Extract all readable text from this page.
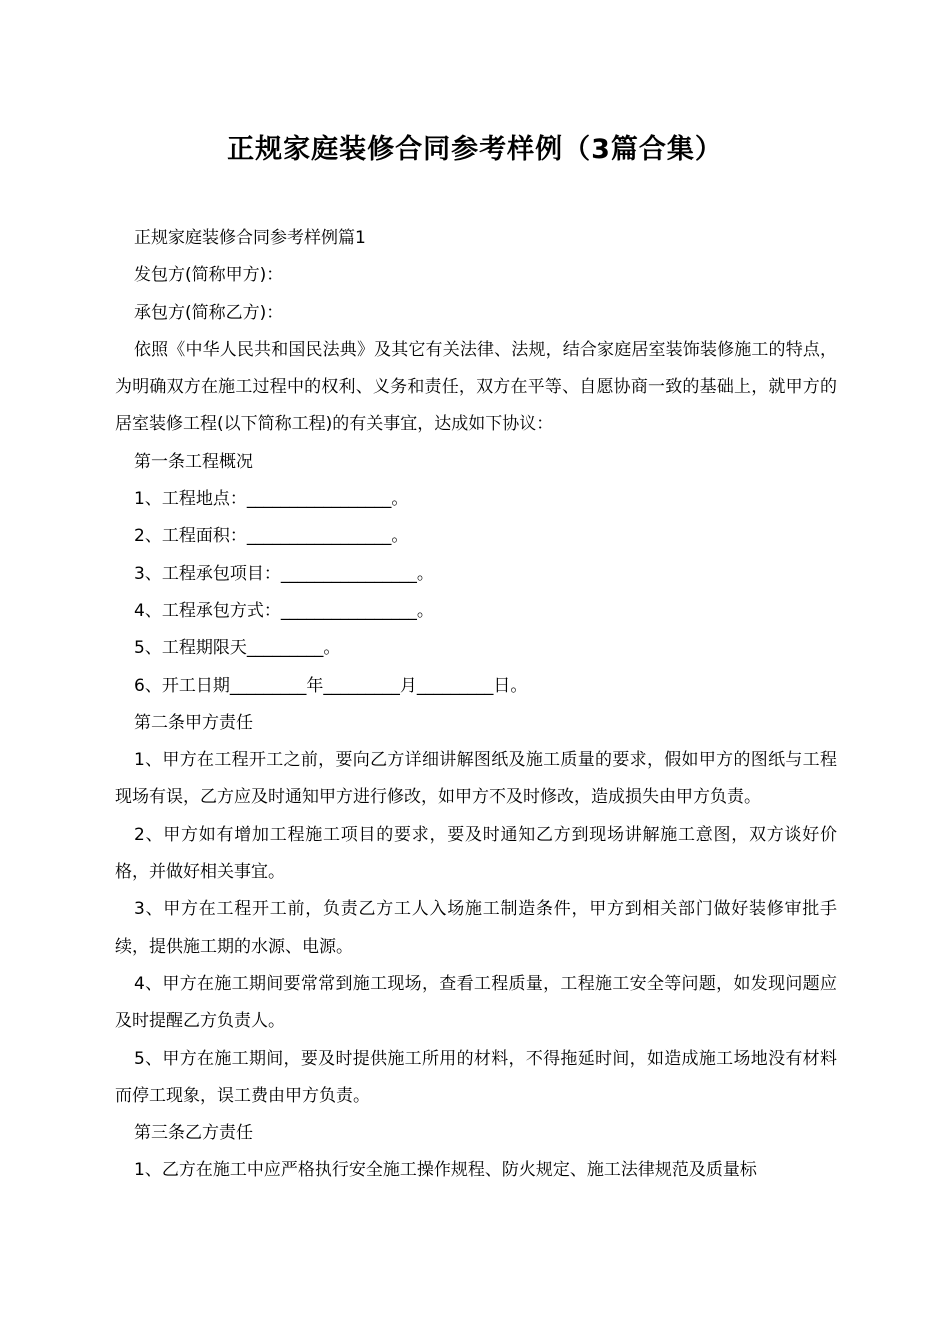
正规家庭装修合同参考样例（3篇合集）

正规家庭装修合同参考样例篇1

发包方(简称甲方)：

承包方(简称乙方)：

依照《中华人民共和国民法典》及其它有关法律、法规，结合家庭居室装饰装修施工的特点，为明确双方在施工过程中的权利、义务和责任，双方在平等、自愿协商一致的基础上，就甲方的居室装修工程(以下简称工程)的有关事宜，达成如下协议：

第一条工程概况

1、工程地点：_________________。

2、工程面积：_________________。

3、工程承包项目：________________。

4、工程承包方式：________________。

5、工程期限天_________。

6、开工日期_________年_________月_________日。

第二条甲方责任

1、甲方在工程开工之前，要向乙方详细讲解图纸及施工质量的要求，假如甲方的图纸与工程现场有误，乙方应及时通知甲方进行修改，如甲方不及时修改，造成损失由甲方负责。

2、甲方如有增加工程施工项目的要求，要及时通知乙方到现场讲解施工意图，双方谈好价格，并做好相关事宜。

3、甲方在工程开工前，负责乙方工人入场施工制造条件，甲方到相关部门做好装修审批手续，提供施工期的水源、电源。

4、甲方在施工期间要常常到施工现场，查看工程质量，工程施工安全等问题，如发现问题应及时提醒乙方负责人。

5、甲方在施工期间，要及时提供施工所用的材料，不得拖延时间，如造成施工场地没有材料而停工现象，误工费由甲方负责。

第三条乙方责任

1、乙方在施工中应严格执行安全施工操作规程、防火规定、施工法律规范及质量标
